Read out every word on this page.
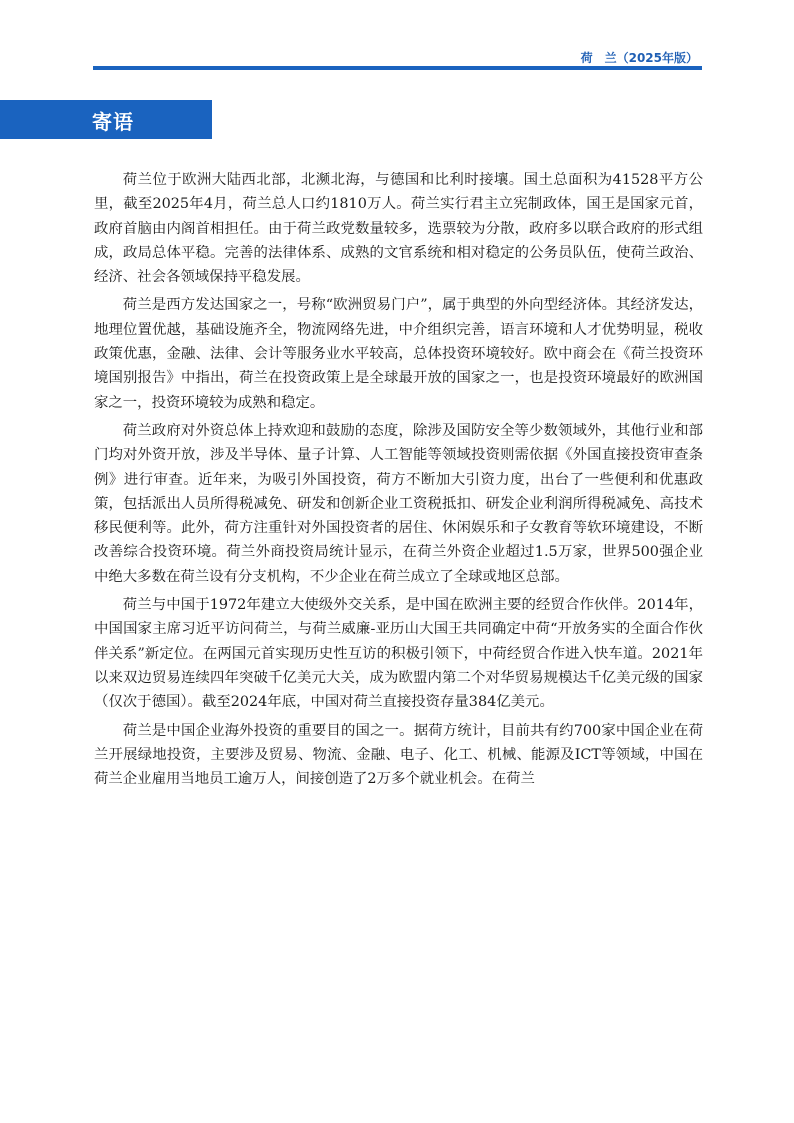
荷　兰（2025年版）
寄语

荷兰位于欧洲大陆西北部，北濒北海，与德国和比利时接壤。国土总面积为41528平方公里，截至2025年4月，荷兰总人口约1810万人。荷兰实行君主立宪制政体，国王是国家元首，政府首脑由内阁首相担任。由于荷兰政党数量较多，选票较为分散，政府多以联合政府的形式组成，政局总体平稳。完善的法律体系、成熟的文官系统和相对稳定的公务员队伍，使荷兰政治、经济、社会各领域保持平稳发展。

荷兰是西方发达国家之一，号称“欧洲贸易门户”，属于典型的外向型经济体。其经济发达，地理位置优越，基础设施齐全，物流网络先进，中介组织完善，语言环境和人才优势明显，税收政策优惠，金融、法律、会计等服务业水平较高，总体投资环境较好。欧中商会在《荷兰投资环境国别报告》中指出，荷兰在投资政策上是全球最开放的国家之一，也是投资环境最好的欧洲国家之一，投资环境较为成熟和稳定。

荷兰政府对外资总体上持欢迎和鼓励的态度，除涉及国防安全等少数领域外，其他行业和部门均对外资开放，涉及半导体、量子计算、人工智能等领域投资则需依据《外国直接投资审查条例》进行审查。近年来，为吸引外国投资，荷方不断加大引资力度，出台了一些便利和优惠政策，包括派出人员所得税减免、研发和创新企业工资税抵扣、研发企业利润所得税减免、高技术移民便利等。此外，荷方注重针对外国投资者的居住、休闲娱乐和子女教育等软环境建设，不断改善综合投资环境。荷兰外商投资局统计显示，在荷兰外资企业超过1.5万家，世界500强企业中绝大多数在荷兰设有分支机构，不少企业在荷兰成立了全球或地区总部。

荷兰与中国于1972年建立大使级外交关系，是中国在欧洲主要的经贸合作伙伴。2014年，中国国家主席习近平访问荷兰，与荷兰威廉-亚历山大国王共同确定中荷“开放务实的全面合作伙伴关系”新定位。在两国元首实现历史性互访的积极引领下，中荷经贸合作进入快车道。2021年以来双边贸易连续四年突破千亿美元大关，成为欧盟内第二个对华贸易规模达千亿美元级的国家（仅次于德国）。截至2024年底，中国对荷兰直接投资存量384亿美元。

荷兰是中国企业海外投资的重要目的国之一。据荷方统计，目前共有约700家中国企业在荷兰开展绿地投资，主要涉及贸易、物流、金融、电子、化工、机械、能源及ICT等领域，中国在荷兰企业雇用当地员工逾万人，间接创造了2万多个就业机会。在荷兰
